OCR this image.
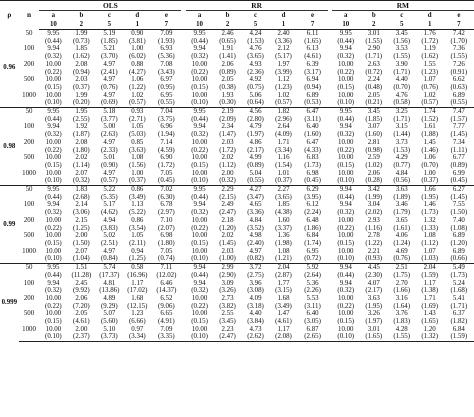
ρ	n	OLS						RR						RM				
		a	b	c	d	e		a	b	c	d	e		a	b	c	d	e
		10	2	5	1	7		10	2	5	1	7		10	2	5	1	7
0.96	50	9.95	1.99	5.19	0.90	7.09		9.95	2.46	4.24	2.40	6.11		9.95	3.01	3.45	1.76	7.42
		(0.44)	(0.73)	(1.85)	(3.81)	(1.93)		(0.44)	(0.65)	(1.53)	(3.36)	(1.65)		(0.44)	(1.55)	(1.56)	(1.72)	(1.70)
	100	9.94	1.85	5.21	1.00	6.93		9.94	1.91	4.76	2.12	6.13		9.94	2.90	3.53	1.19	7.36
		(0.32)	(1.62)	(3.70)	(6.02)	(5.36)		(0.32)	(1.41)	(3.65)	(5.17)	(4.61)		(0.32)	(1.71)	(1.55)	(1.62)	(1.55)
	200	10.00	2.08	4.97	0.88	7.08		10.00	2.06	4.93	1.97	6.39		10.00	2.63	3.90	1.55	7.26
		(0.22)	(0.94)	(2.41)	(4.27)	(3.43)		(0.22)	(0.89)	(2.36)	(3.99)	(3.17)		(0.22)	(0.72)	(1.71)	(1.23)	(0.91)
	500	10.00	2.03	4.97	1.06	6.97		10.00	2.05	4.92	1.12	6.94		10.00	2.24	4.40	1.07	6.62
		(0.15)	(0.37)	(0.76)	(1.22)	(0.95)		(0.15)	(0.38)	(0.75)	(1.23)	(0.94)		(0.15)	(0.48)	(0.70)	(0.76)	(0.63)
	1000	10.00	1.99	4.97	1.02	6.95		10.00	1.93	5.06	1.02	6.89		10.00	2.05	4.76	1.02	6.89
		(0.10)	(0.20)	(0.69)	(0.57)	(0.55)		(0.10)	(0.30)	(0.64)	(0.57)	(0.53)		(0.10)	(0.21)	(0.58)	(0.57)	(0.55)
0.98	50	9.95	1.95	5.18	0.93	7.04		9.95	2.19	4.56	1.82	6.47		9.95	3.45	3.25	1.74	7.47
		(0.44)	(2.55)	(3.77)	(2.71)	(3.75)		(0.44)	(2.09)	(2.80)	(2.96)	(3.11)		(0.44)	(1.85)	(1.71)	(1.52)	(1.57)
	100	9.94	1.92	5.00	1.05	6.96		9.94	2.34	4.79	2.64	6.40		9.94	3.07	3.15	1.61	7.77
		(0.32)	(1.87)	(2.63)	(5.03)	(1.94)		(0.32)	(1.47)	(1.97)	(4.09)	(1.60)		(0.32)	(1.60)	(1.44)	(1.88)	(1.45)
	200	10.00	2.08	4.97	0.85	7.14		10.00	2.03	4.86	1.71	6.47		10.00	2.81	3.73	1.45	7.34
		(0.22)	(1.80)	(2.33)	(3.63)	(4.59)		(0.22)	(1.72)	(2.17)	(3.34)	(4.33)		(0.22)	(0.98)	(1.53)	(1.46)	(1.11)
	500	10.00	2.02	5.01	1.08	6.90		10.00	2.02	4.99	1.16	6.83		10.00	2.59	4.29	1.06	6.77
		(0.15)	(1.14)	(0.90)	(1.56)	(1.72)		(0.15)	(1.12)	(0.89)	(1.54)	(1.73)		(0.15)	(1.02)	(0.77)	(0.70)	(0.89)
	1000	10.00	2.07	4.97	1.00	7.05		10.00	2.00	5.04	1.01	6.98		10.00	2.06	4.84	1.00	6.99
		(0.10)	(0.32)	(0.57)	(0.37)	(0.45)		(0.10)	(0.32)	(0.55)	(0.37)	(0.45)		(0.10)	(0.28)	(0.56)	(0.37)	(0.45)
0.99	50	9.95	1.83	5.22	0.86	7.02		9.95	2.29	4.27	2.27	6.29		9.94	3.42	3.63	1.66	6.27
		(0.44)	(2.68)	(5.35)	(3.49)	(6.30)		(0.44)	(2.15)	(3.47)	(3.65)	(3.95)		(0.44)	(1.99)	(1.89)	(1.95)	(1.45)
	100	9.94	2.14	5.17	1.13	6.78		9.94	2.49	4.65	1.85	6.12		9.94	3.04	3.46	1.46	7.55
		(0.32)	(3.06)	(4.62)	(5.22)	(2.97)		(0.32)	(2.47)	(3.36)	(4.38)	(2.24)		(0.32)	(2.02)	(1.79)	(1.73)	(1.50)
	200	10.00	2.15	4.94	0.86	7.10		10.00	2.18	4.84	1.60	6.48		10.00	2.93	3.65	1.32	7.40
		(0.22)	(1.25)	(3.83)	(3.54)	(2.07)		(0.22)	(1.20)	(3.52)	(3.37)	(1.86)		(0.22)	(1.16)	(1.61)	(1.33)	(1.08)
	500	10.00	2.00	5.02	1.05	6.98		10.00	2.02	4.98	1.36	6.84		10.00	2.78	4.06	1.08	6.89
		(0.15)	(1.50)	(2.51)	(2.11)	(1.80)		(0.15)	(1.45)	(2.40)	(1.98)	(1.74)		(0.15)	(1.22)	(1.24)	(1.12)	(1.20)
	1000	10.00	2.07	4.97	0.94	7.05		10.00	2.03	4.97	1.08	6.95		10.00	2.21	4.69	1.07	6.89
		(0.10)	(1.04)	(0.84)	(1.25)	(0.74)		(0.10)	(1.00)	(0.82)	(1.21)	(0.72)		(0.10)	(0.93)	(0.76)	(1.03)	(0.66)
0.999	50	9.95	1.51	5.74	0.58	7.11		9.94	2.99	3.72	2.04	5.92		9.94	4.45	2.51	2.04	5.49
		(0.44)	(11.28)	(17.37)	(16.96)	(12.02)		(0.44)	(2.90)	(2.75)	(2.87)	(2.64)		(0.44)	(2.30)	(1.75)	(1.59)	(1.73)
	100	9.94	2.45	4.81	1.17	6.46		9.94	3.09	3.96	1.77	5.36		9.94	4.07	2.70	1.17	5.24
		(0.32)	(9.92)	(13.86)	(17.02)	(14.37)		(0.32)	(3.26)	(3.08)	(3.15)	(2.26)		(0.32)	(2.17)	(1.66)	(1.38)	(1.68)
	200	10.00	2.06	4.89	1.68	6.52		10.00	2.73	4.09	1.68	5.53		10.00	3.63	3.16	1.71	5.41
		(0.22)	(7.20)	(9.29)	(12.15)	(9.06)		(0.22)	(3.82)	(3.18)	(3.49)	(3.11)		(0.22)	(1.95)	(1.64)	(1.69)	(1.71)
	500	10.00	2.05	5.07	1.23	6.65		10.00	2.55	4.40	1.47	6.40		10.00	3.26	3.76	1.43	6.37
		(0.15)	(4.61)	(5.60)	(6.66)	(4.91)		(0.15)	(3.45)	(3.84)	(4.61)	(3.05)		(0.15)	(1.97)	(1.83)	(1.65)	(1.82)
	1000	10.00	2.00	5.10	0.97	7.09		10.00	2.23	4.73	1.17	6.87		10.00	3.01	4.28	1.20	6.84
		(0.10)	(2.37)	(3.73)	(3.34)	(3.35)		(0.10)	(2.47)	(2.62)	(2.08)	(2.65)		(0.10)	(1.65)	(1.55)	(1.32)	(1.59)
